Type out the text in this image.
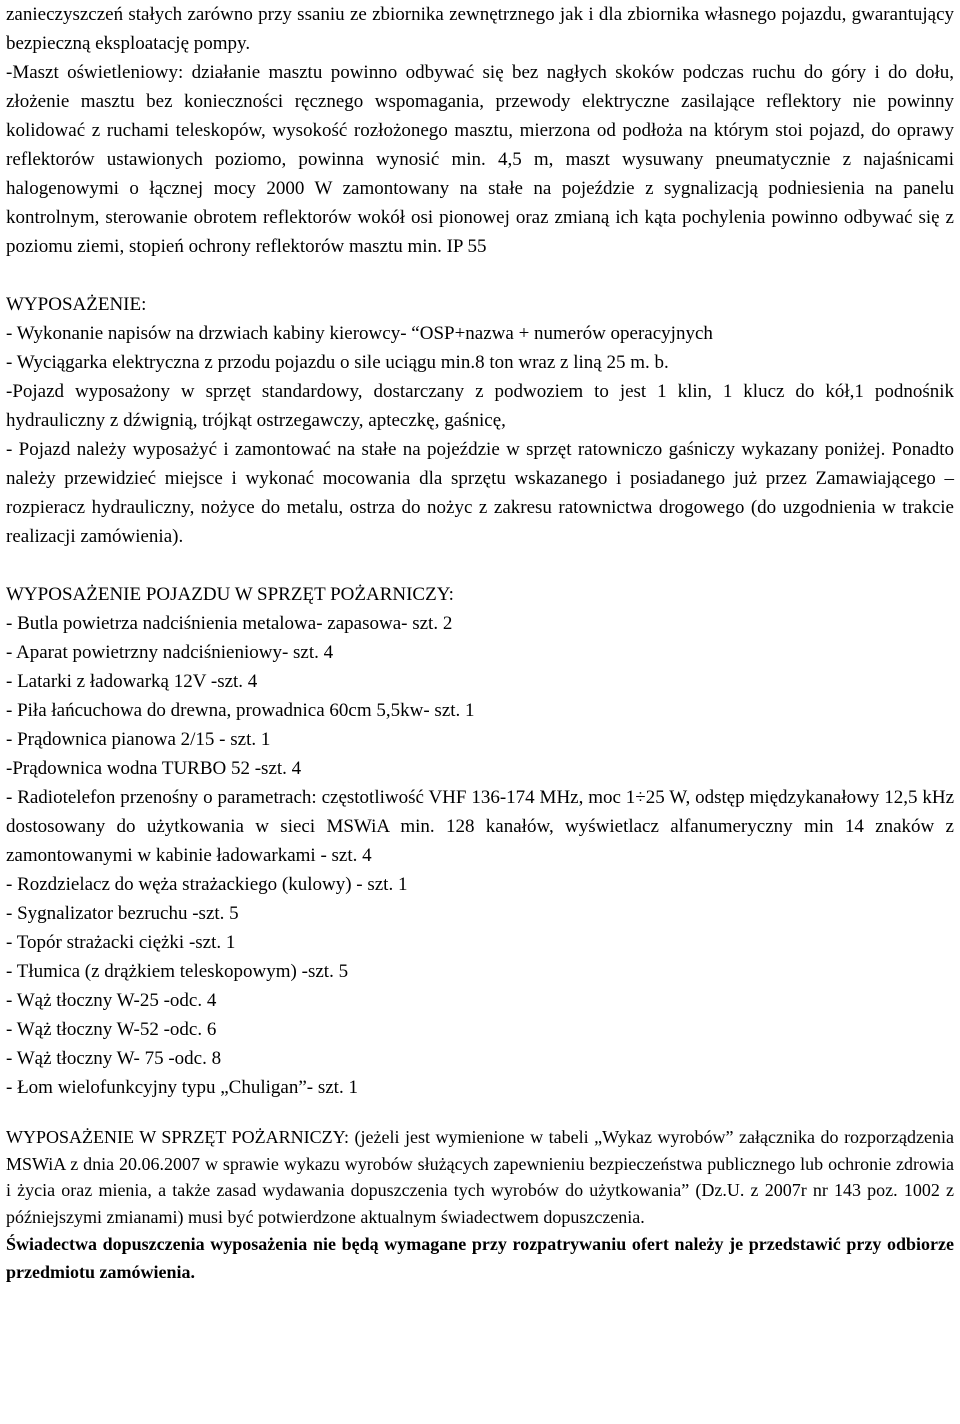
zanieczyszczeń stałych zarówno przy ssaniu ze zbiornika zewnętrznego jak i dla zbiornika własnego pojazdu, gwarantujący bezpieczną eksploatację pompy.

-Maszt oświetleniowy: działanie masztu powinno odbywać się bez nagłych skoków podczas ruchu do góry i do dołu, złożenie masztu bez konieczności ręcznego wspomagania, przewody elektryczne zasilające reflektory nie powinny kolidować z ruchami teleskopów, wysokość rozłożonego masztu, mierzona od podłoża na którym stoi pojazd, do oprawy reflektorów ustawionych poziomo, powinna wynosić min. 4,5 m, maszt wysuwany pneumatycznie z najaśnicami halogenowymi o łącznej mocy 2000 W zamontowany na stałe na pojeździe z sygnalizacją podniesienia na panelu kontrolnym, sterowanie obrotem reflektorów wokół osi pionowej oraz zmianą ich kąta pochylenia powinno odbywać się z poziomu ziemi, stopień ochrony reflektorów masztu min. IP 55

WYPOSAŻENIE:

- Wykonanie napisów na drzwiach kabiny kierowcy- “OSP+nazwa + numerów operacyjnych

- Wyciągarka elektryczna z przodu pojazdu o sile uciągu min.8 ton wraz z liną 25 m. b.

-Pojazd wyposażony w sprzęt standardowy, dostarczany z podwoziem to jest 1 klin, 1 klucz do kół,1 podnośnik hydrauliczny z dźwignią, trójkąt ostrzegawczy, apteczkę, gaśnicę,

- Pojazd należy wyposażyć i zamontować na stałe na pojeździe w sprzęt ratowniczo gaśniczy wykazany poniżej. Ponadto należy przewidzieć miejsce i wykonać mocowania dla sprzętu wskazanego i posiadanego już przez Zamawiającego – rozpieracz hydrauliczny, nożyce do metalu, ostrza do nożyc z zakresu ratownictwa drogowego (do uzgodnienia w trakcie realizacji zamówienia).

WYPOSAŻENIE POJAZDU W SPRZĘT POŻARNICZY:

- Butla powietrza nadciśnienia metalowa- zapasowa- szt. 2
- Aparat powietrzny nadciśnieniowy- szt. 4
- Latarki z ładowarką 12V -szt. 4
- Piła łańcuchowa do drewna, prowadnica 60cm 5,5kw- szt. 1
- Prądownica pianowa 2/15 - szt. 1
-Prądownica wodna TURBO 52 -szt. 4
- Radiotelefon przenośny o parametrach: częstotliwość VHF 136-174 MHz, moc 1÷25 W, odstęp międzykanałowy 12,5 kHz dostosowany do użytkowania w sieci MSWiA min. 128 kanałów, wyświetlacz alfanumeryczny min 14 znaków z zamontowanymi w kabinie ładowarkami - szt. 4
- Rozdzielacz do węża strażackiego (kulowy) - szt. 1
- Sygnalizator bezruchu -szt. 5
- Topór strażacki ciężki -szt. 1
- Tłumica (z drążkiem teleskopowym) -szt. 5
- Wąż tłoczny W-25 -odc. 4
- Wąż tłoczny W-52 -odc. 6
- Wąż tłoczny W- 75 -odc. 8
- Łom wielofunkcyjny typu „Chuligan”- szt. 1

WYPOSAŻENIE W SPRZĘT POŻARNICZY: (jeżeli jest wymienione w tabeli „Wykaz wyrobów” załącznika do rozporządzenia MSWiA z dnia 20.06.2007 w sprawie wykazu wyrobów służących zapewnieniu bezpieczeństwa publicznego lub ochronie zdrowia i życia oraz mienia, a także zasad wydawania dopuszczenia tych wyrobów do użytkowania” (Dz.U. z 2007r nr 143 poz. 1002 z późniejszymi zmianami) musi być potwierdzone aktualnym świadectwem dopuszczenia.

Świadectwa dopuszczenia wyposażenia nie będą wymagane przy rozpatrywaniu ofert należy je przedstawić przy odbiorze przedmiotu zamówienia.
